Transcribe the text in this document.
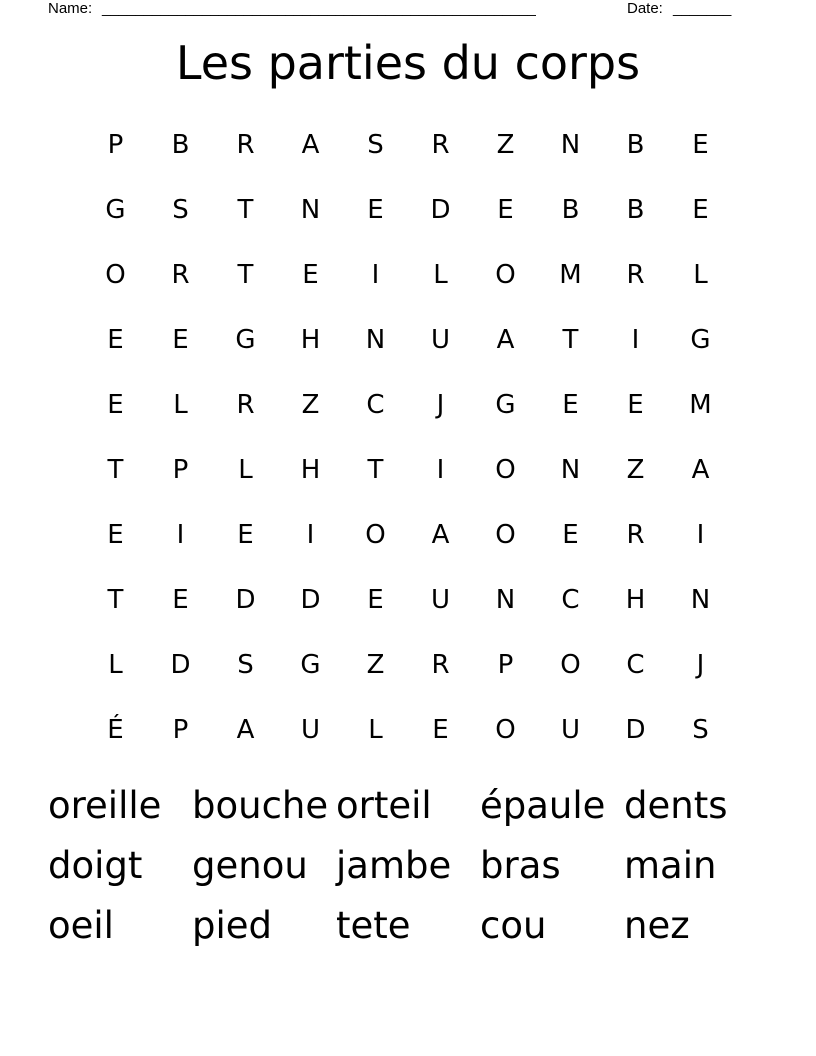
Name: ____________________________________________________	Date: _______
Les parties du corps
P	B	R	A	S	R	Z	N	B	E
G	S	T	N	E	D	E	B	B	E
O	R	T	E	I	L	O	M	R	L
E	E	G	H	N	U	A	T	I	G
E	L	R	Z	C	J	G	E	E	M
T	P	L	H	T	I	O	N	Z	A
E	I	E	I	O	A	O	E	R	I
T	E	D	D	E	U	N	C	H	N
L	D	S	G	Z	R	P	O	C	J
É	P	A	U	L	E	O	U	D	S
oreille bouche orteil	épaule dents
doigt	genou jambe bras	main
oeil	pied	tete	cou	nez
